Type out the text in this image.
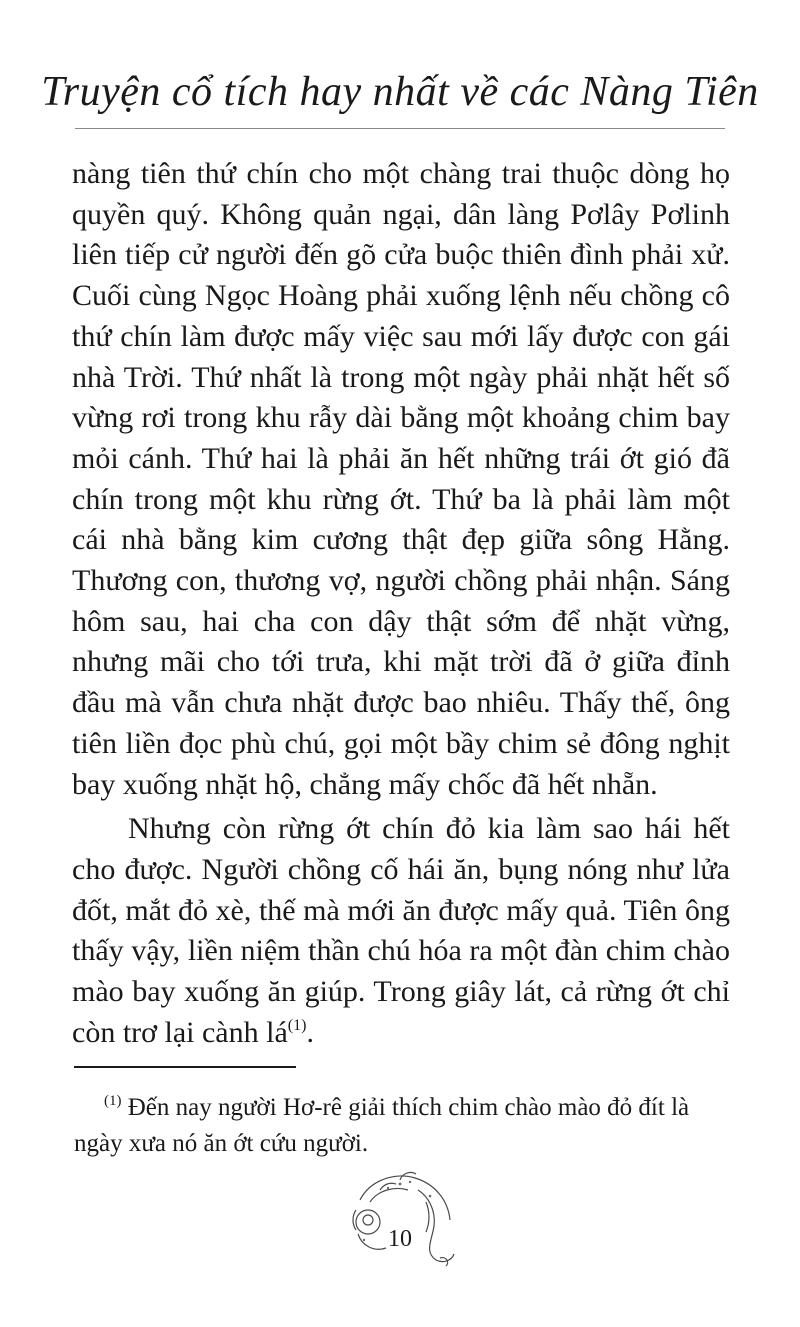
Truyện cổ tích hay nhất về các Nàng Tiên

nàng tiên thứ chín cho một chàng trai thuộc dòng họ quyền quý. Không quản ngại, dân làng Pơlây Pơlinh liên tiếp cử người đến gõ cửa buộc thiên đình phải xử. Cuối cùng Ngọc Hoàng phải xuống lệnh nếu chồng cô thứ chín làm được mấy việc sau mới lấy được con gái nhà Trời. Thứ nhất là trong một ngày phải nhặt hết số vừng rơi trong khu rẫy dài bằng một khoảng chim bay mỏi cánh. Thứ hai là phải ăn hết những trái ớt gió đã chín trong một khu rừng ớt. Thứ ba là phải làm một cái nhà bằng kim cương thật đẹp giữa sông Hằng. Thương con, thương vợ, người chồng phải nhận. Sáng hôm sau, hai cha con dậy thật sớm để nhặt vừng, nhưng mãi cho tới trưa, khi mặt trời đã ở giữa đỉnh đầu mà vẫn chưa nhặt được bao nhiêu. Thấy thế, ông tiên liền đọc phù chú, gọi một bầy chim sẻ đông nghịt bay xuống nhặt hộ, chẳng mấy chốc đã hết nhẵn.

Nhưng còn rừng ớt chín đỏ kia làm sao hái hết cho được. Người chồng cố hái ăn, bụng nóng như lửa đốt, mắt đỏ xè, thế mà mới ăn được mấy quả. Tiên ông thấy vậy, liền niệm thần chú hóa ra một đàn chim chào mào bay xuống ăn giúp. Trong giây lát, cả rừng ớt chỉ còn trơ lại cành $lá^{(1)}$.

$^{(1)}$ Đến nay người Hơ-rê giải thích chim chào mào đỏ đít là ngày xưa nó ăn ớt cứu người.

10
